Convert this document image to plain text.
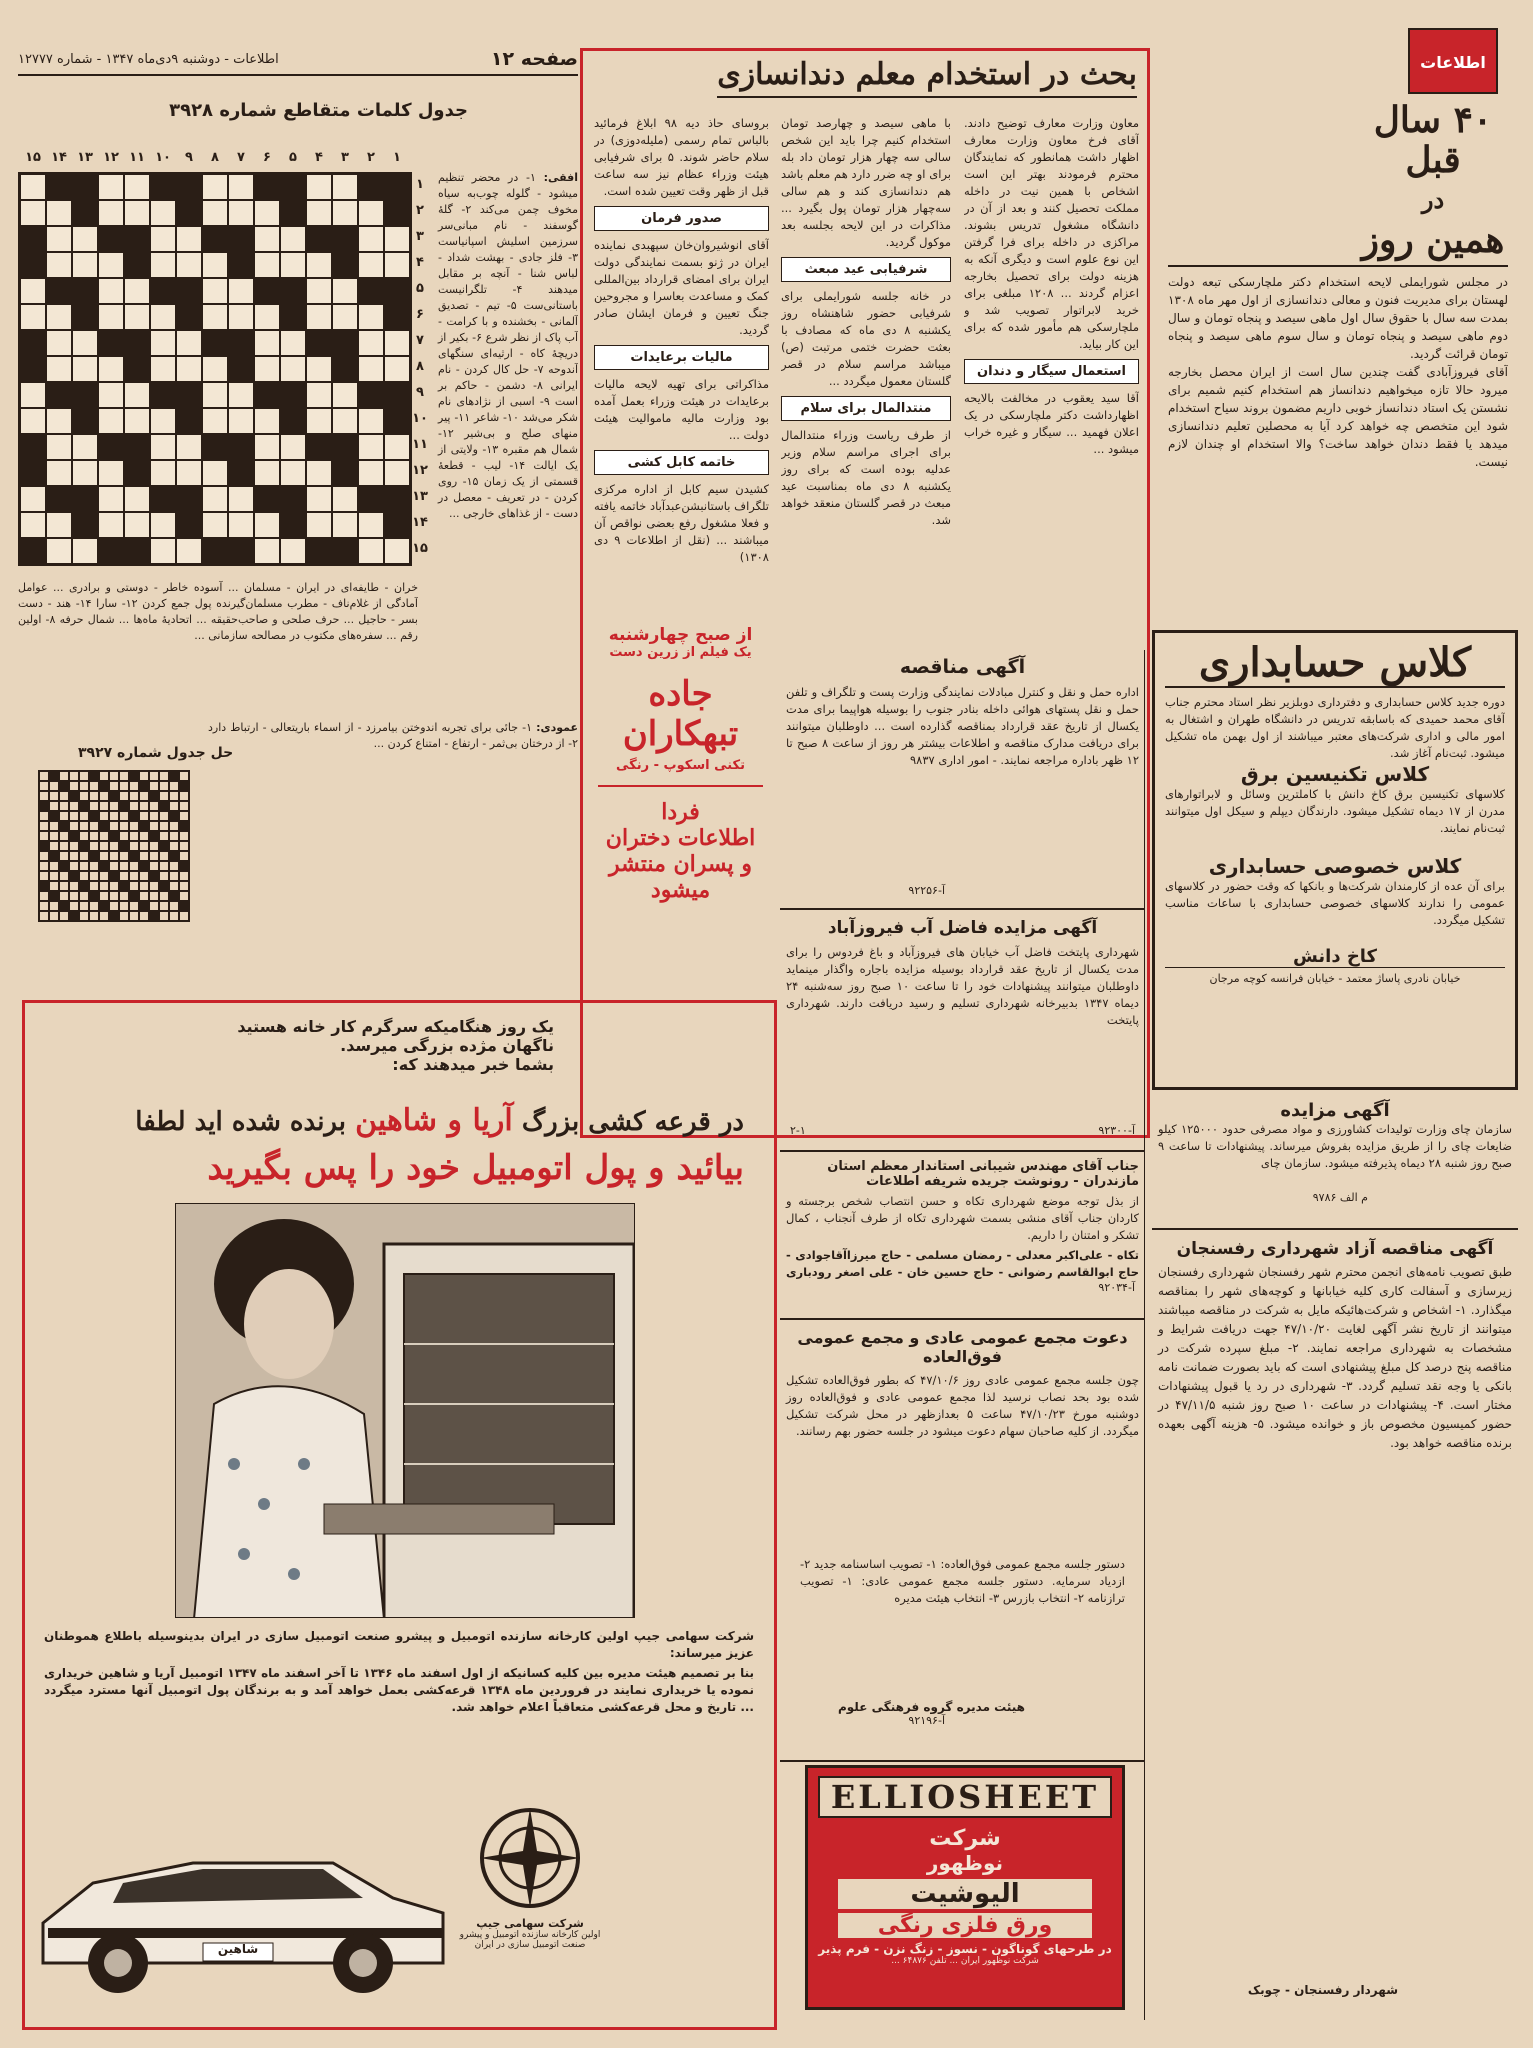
صفحه ۱۲
اطلاعات - دوشنبه ۹دی‌ماه ۱۳۴۷ - شماره ۱۲۷۷۷
جدول کلمات متقاطع شماره ۳۹۲۸
۱
۲
۳
۴
۵
۶
۷
۸
۹
۱۰
۱۱
۱۲
۱۳
۱۴
۱۵
۱
۲
۳
۴
۵
۶
۷
۸
۹
۱۰
۱۱
۱۲
۱۳
۱۴
۱۵
افقی: ۱- در محضر تنظیم میشود - گلوله چوب‌به سیاه مخوف چمن می‌کند ۲- گلهٔ گوسفند - نام مبانی‌سر سرزمین اسلیش اسپانیاست ۳- فلز جادی - بهشت شداد - لباس شنا - آنچه بر مقابل میدهند ۴- تلگرانیست باستانی‌ست ۵- تیم - تصدیق آلمانی - بخشنده و با کرامت - آب پاک از نظر شرع ۶- بکیر از دریچهٔ کاه - ارثیه‌ای سنگهای آندوحه ۷- حل کال کردن - نام ایرانی ۸- دشمن - حاکم بر است ۹- اسبی از نژادهای نام شکر می‌شد ۱۰- شاعر ۱۱- پیر منهای صلح و بی‌شیر ۱۲- شمال هم مقبره ۱۳- ولایتی از یک ایالت ۱۴- لیب - قطعهٔ قسمتی از یک زمان ۱۵- روی کردن - در تعریف - معصل در دست - از غذاهای خارجی ...
خران - طایفه‌ای در ایران - مسلمان ... آسوده خاطر - دوستی و برادری ... عوامل آمادگی از غلام‌ناف - مطرب مسلمان‌گیرنده پول جمع کردن ۱۲- سارا ۱۴- هند - دست بسر - حاجیل ... حرف صلحی و صاحب‌حقیقه ... اتحادیهٔ ماه‌ها ... شمال حرفه ۸- اولین رقم ... سفره‌های مکتوب در مصالحه سازمانی ...
حل جدول شماره ۳۹۲۷
عمودی: ۱- جائی برای تجربه اندوختن بیامرزد - از اسماء باریتعالی - ارتباط دارد ۲- از درختان بی‌ثمر - ارتفاع - امتناع کردن ...
بحث در استخدام معلم دندانسازی
معاون وزارت معارف توضیح دادند. آقای فرخ معاون وزارت معارف اظهار داشت همانطور که نمایندگان محترم فرمودند بهتر این است اشخاص با همین نیت در داخله مملکت تحصیل کنند و بعد از آن در دانشگاه مشغول تدریس بشوند. مراکزی در داخله برای فرا گرفتن این نوع علوم است و دیگری آنکه به هزینه دولت برای تحصیل بخارجه اعزام گردند ... ۱۲۰۸ مبلغی برای خرید لابراتوار تصویب شد و ملچارسکی هم مأمور شده که برای این کار بیاید.
استعمال سیگار و دندان
آقا سید یعقوب در مخالفت بالایحه اظهارداشت دکتر ملچارسکی در یک اعلان فهمید ... سیگار و غیره خراب میشود ...
با ماهی سیصد و چهارصد تومان استخدام کنیم چرا باید این شخص سالی سه چهار هزار تومان داد بله برای او چه ضرر دارد هم معلم باشد هم دندانسازی کند و هم سالی سه‌چهار هزار تومان پول بگیرد ... مذاکرات در این لایحه بجلسه بعد موکول گردید.
شرفیابی عید مبعث
در خانه جلسه شورایملی برای شرفیابی حضور شاهنشاه روز یکشنبه ۸ دی ماه که مصادف با بعثت حضرت ختمی مرتبت (ص) میباشد مراسم سلام در قصر گلستان معمول میگردد ...
منتدالمال برای سلام
از طرف ریاست وزراء منتدالمال برای اجرای مراسم سلام وزیر عدلیه بوده است که برای روز یکشنبه ۸ دی ماه بمناسبت عید مبعث در قصر گلستان منعقد خواهد شد.
بروسای حاذ دیه ۹۸ ابلاغ فرمائید بالباس تمام رسمی (ملیله‌دوزی) در سلام حاضر شوند. ۵ برای شرفیابی هیئت وزراء عظام نیز سه ساعت قبل از ظهر وقت تعیین شده است.
صدور فرمان
آقای انوشیروان‌خان سپهبدی نماینده ایران در ژنو بسمت نمایندگی دولت ایران برای امضای قرارداد بین‌المللی کمک و مساعدت بعاسرا و مجروحین جنگ تعیین و فرمان ایشان صادر گردید.
مالیات برعایدات
مذاکراتی برای تهیه لایحه مالیات برعایدات در هیئت وزراء بعمل آمده بود وزارت مالیه ماموالیت هیئت دولت ...
خاتمه کابل کشی
کشیدن سیم کابل از اداره مرکزی تلگراف باستانبشن‌عبدآباد خاتمه یافته و فعلا مشغول رفع بعضی نواقص آن میباشند ... (نقل از اطلاعات ۹ دی ۱۳۰۸)
اطلاعات
۴۰ سال قبل
در
همین روز
در مجلس شورایملی لایحه استخدام دکتر ملچارسکی تبعه دولت لهستان برای مدیریت فنون و معالی دندانسازی از اول مهر ماه ۱۳۰۸ بمدت سه سال با حقوق سال اول ماهی سیصد و پنجاه تومان و سال دوم ماهی سیصد و پنجاه تومان و سال سوم ماهی سیصد و پنجاه تومان قرائت گردید.
آقای فیروزآبادی گفت چندین سال است از ایران محصل بخارجه میرود حالا تازه میخواهیم دندانساز هم استخدام کنیم شمیم برای نشستن یک استاد دندانساز خوبی داریم مضمون بروند سیاح استخدام شود این متخصص چه خواهد کرد آیا به محصلین تعلیم دندانسازی میدهد یا فقط دندان خواهد ساخت؟ والا استخدام او چندان لازم نیست.
از صبح چهارشنبه
یک فیلم از زرین دست
جاده
تبهکاران
تکنی اسکوپ - رنگی
فردا
اطلاعات دختران
و پسران منتشر
میشود
آگهی مناقصه
اداره حمل و نقل و کنترل مبادلات نمایندگی وزارت پست و تلگراف و تلفن حمل و نقل پستهای هوائی داخله بنادر جنوب را بوسیله هواپیما برای مدت یکسال از تاریخ عقد قرارداد بمناقصه گذارده است ... داوطلبان میتوانند برای دریافت مدارک مناقصه و اطلاعات بیشتر هر روز از ساعت ۸ صبح تا ۱۲ ظهر باداره مراجعه نمایند. - امور اداری ۹۸۳۷
آ-۹۲۲۵۶
آگهی مزایده فاضل آب فیروزآباد
شهرداری پایتخت فاضل آب خیابان های فیروزآباد و باغ فردوس را برای مدت یکسال از تاریخ عقد قرارداد بوسیله مزایده باجاره واگذار مینماید داوطلبان میتوانند پیشنهادات خود را تا ساعت ۱۰ صبح روز سه‌شنبه ۲۴ دیماه ۱۳۴۷ بدبیرخانه شهرداری تسلیم و رسید دریافت دارند. شهرداری پایتخت
آ-۹۲۳۰۰
۲-۱
جناب آقای مهندس شیبانی استاندار معظم استان مازندران - رونوشت جریده شریفه اطلاعات
از بذل توجه موضع شهرداری تکاه و حسن انتصاب شخص برجسته و کاردان جناب آقای منشی بسمت شهرداری تکاه از طرف آنجناب ، کمال تشکر و امتنان را داریم.
تکاه - علی‌اکبر معدلی - رمضان مسلمی - حاج میرزاآقاجوادی - حاج ابوالقاسم رضوانی - حاج حسین خان - علی اصغر رودباری
آ-۹۲۰۳۴
دعوت مجمع عمومی عادی و مجمع عمومی فوق‌العاده
چون جلسه مجمع عمومی عادی روز ۴۷/۱۰/۶ که بطور فوق‌العاده تشکیل شده بود بحد نصاب نرسید لذا مجمع عمومی عادی و فوق‌العاده روز دوشنبه مورخ ۴۷/۱۰/۲۳ ساعت ۵ بعدازظهر در محل شرکت تشکیل میگردد. از کلیه صاحبان سهام دعوت میشود در جلسه حضور بهم رسانند.
دستور جلسه مجمع عمومی فوق‌العاده: ۱- تصویب اساسنامه جدید ۲- ازدیاد سرمایه. دستور جلسه مجمع عمومی عادی: ۱- تصویب ترازنامه ۲- انتخاب بازرس ۳- انتخاب هیئت مدیره
هیئت مدیره گروه فرهنگی علوم
آ-۹۲۱۹۶
ELLIOSHEET
شرکت
نوظهور
الیوشیت
ورق فلزی رنگی
در طرحهای گوناگون - نسوز - زنگ نزن - فرم پذیر
شرکت نوظهور ایران ... تلفن ۶۴۸۷۶ ...
کلاس حسابداری
دوره جدید کلاس حسابداری و دفترداری دوبلزیر نظر استاد محترم جناب آقای محمد حمیدی که باسابقه تدریس در دانشگاه طهران و اشتغال به امور مالی و اداری شرکت‌های معتبر میباشند از اول بهمن ماه تشکیل میشود. ثبت‌نام آغاز شد.
کلاس تکنیسین برق
کلاسهای تکنیسین برق کاخ دانش با کاملترین وسائل و لابراتوارهای مدرن از ۱۷ دیماه تشکیل میشود. دارندگان دیپلم و سیکل اول میتوانند ثبت‌نام نمایند.
کلاس خصوصی حسابداری
برای آن عده از کارمندان شرکت‌ها و بانکها که وقت حضور در کلاسهای عمومی را ندارند کلاسهای خصوصی حسابداری با ساعات مناسب تشکیل میگردد.
کاخ دانش
خیابان نادری پاساژ معتمد - خیابان فرانسه کوچه مرجان
آگهی مزایده
سازمان چای وزارت تولیدات کشاورزی و مواد مصرفی حدود ۱۲۵۰۰۰ کیلو ضایعات چای را از طریق مزایده بفروش میرساند. پیشنهادات تا ساعت ۹ صبح روز شنبه ۲۸ دیماه پذیرفته میشود. سازمان چای
م الف ۹۷۸۶
آگهی مناقصه آزاد شهرداری رفسنجان
طبق تصویب نامه‌های انجمن محترم شهر رفسنجان شهرداری رفسنجان زیرسازی و آسفالت کاری کلیه خیابانها و کوچه‌های شهر را بمناقصه میگذارد. ۱- اشخاص و شرکت‌هائیکه مایل به شرکت در مناقصه میباشند میتوانند از تاریخ نشر آگهی لغایت ۴۷/۱۰/۲۰ جهت دریافت شرایط و مشخصات به شهرداری مراجعه نمایند. ۲- مبلغ سپرده شرکت در مناقصه پنج درصد کل مبلغ پیشنهادی است که باید بصورت ضمانت نامه بانکی یا وجه نقد تسلیم گردد. ۳- شهرداری در رد یا قبول پیشنهادات مختار است. ۴- پیشنهادات در ساعت ۱۰ صبح روز شنبه ۴۷/۱۱/۵ در حضور کمیسیون مخصوص باز و خوانده میشود. ۵- هزینه آگهی بعهده برنده مناقصه خواهد بود.
شهردار رفسنجان - چوبک
یک روز هنگامیکه سرگرم کار خانه هستید
ناگهان مژده بزرگی میرسد.
بشما خبر میدهند که:
در قرعه کشی بزرگ آریا و شاهین برنده شده اید لطفا
بیائید و پول اتومبیل خود را پس بگیرید
شرکت سهامی جیپ اولین کارخانه سازنده اتومبیل و پیشرو صنعت اتومبیل سازی در ایران بدینوسیله باطلاع هموطنان عزیز میرساند:
بنا بر تصمیم هیئت مدیره بین کلیه کسانیکه از اول اسفند ماه ۱۳۴۶ تا آخر اسفند ماه ۱۳۴۷ اتومبیل آریا و شاهین خریداری نموده یا خریداری نمایند در فروردین ماه ۱۳۴۸ قرعه‌کشی بعمل خواهد آمد و به برندگان پول اتومبیل آنها مسترد میگردد ... تاریخ و محل قرعه‌کشی متعاقباً اعلام خواهد شد.
شاهین
شرکت سهامی جیپ
اولین کارخانه سازنده اتومبیل و پیشرو صنعت اتومبیل سازی در ایران
